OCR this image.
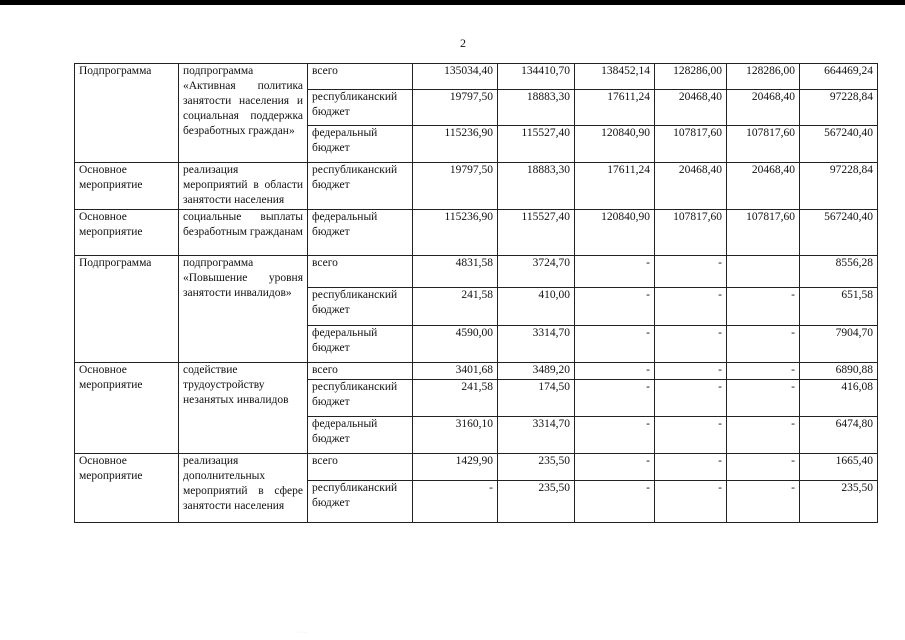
2
Подпрограмма	подпрограмма «Активная политика занятости населения и социальная поддержка безработных граждан»	всего	135034,40	134410,70	138452,14	128286,00	128286,00	664469,24
		республиканский бюджет	19797,50	18883,30	17611,24	20468,40	20468,40	97228,84
		федеральный бюджет	115236,90	115527,40	120840,90	107817,60	107817,60	567240,40
Основное мероприятие	реализация мероприятий в области занятости населения	республиканский бюджет	19797,50	18883,30	17611,24	20468,40	20468,40	97228,84
Основное мероприятие	социальные выплаты безработным гражданам	федеральный бюджет	115236,90	115527,40	120840,90	107817,60	107817,60	567240,40
Подпрограмма	подпрограмма «Повышение уровня занятости инвалидов»	всего	4831,58	3724,70	-	-		8556,28
		республиканский бюджет	241,58	410,00	-	-	-	651,58
		федеральный бюджет	4590,00	3314,70	-	-	-	7904,70
Основное мероприятие	содействие трудоустройству незанятых инвалидов	всего	3401,68	3489,20	-	-	-	6890,88
		республиканский бюджет	241,58	174,50	-	-	-	416,08
		федеральный бюджет	3160,10	3314,70	-	-	-	6474,80
Основное мероприятие	реализация дополнительных мероприятий в сфере занятости населения	всего	1429,90	235,50	-	-	-	1665,40
		республиканский бюджет	-	235,50	-	-	-	235,50
· · ·
